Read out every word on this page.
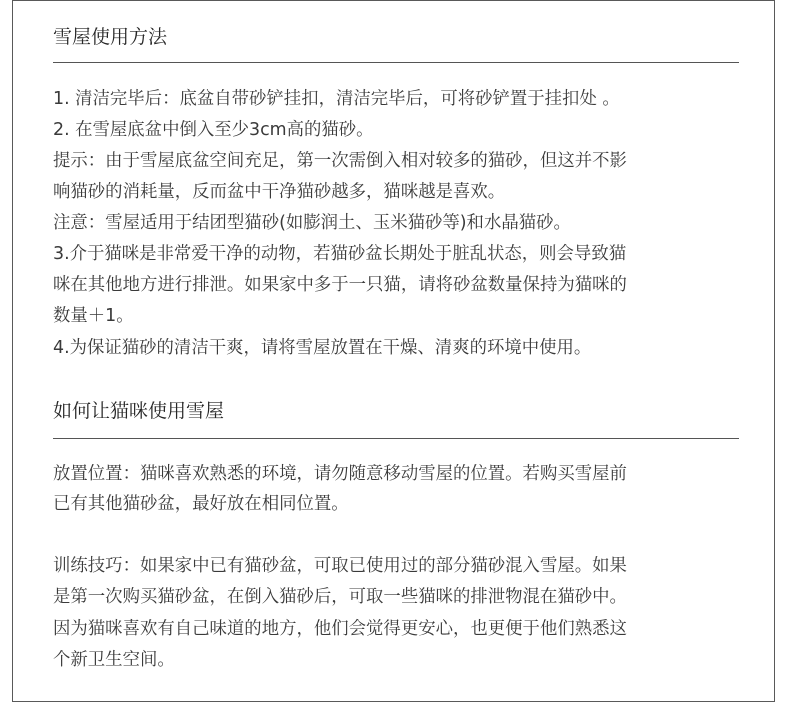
雪屋使用方法
1. 清洁完毕后：底盆自带砂铲挂扣，清洁完毕后，可将砂铲置于挂扣处 。
2. 在雪屋底盆中倒入至少3cm高的猫砂。
提示：由于雪屋底盆空间充足，第一次需倒入相对较多的猫砂，但这并不影
响猫砂的消耗量，反而盆中干净猫砂越多，猫咪越是喜欢。
注意：雪屋适用于结团型猫砂(如膨润土、玉米猫砂等)和水晶猫砂。
3.介于猫咪是非常爱干净的动物，若猫砂盆长期处于脏乱状态，则会导致猫
咪在其他地方进行排泄。如果家中多于一只猫，请将砂盆数量保持为猫咪的
数量＋1。
4.为保证猫砂的清洁干爽，请将雪屋放置在干燥、清爽的环境中使用。
如何让猫咪使用雪屋
放置位置：猫咪喜欢熟悉的环境，请勿随意移动雪屋的位置。若购买雪屋前
已有其他猫砂盆，最好放在相同位置。
训练技巧：如果家中已有猫砂盆，可取已使用过的部分猫砂混入雪屋。如果
是第一次购买猫砂盆，在倒入猫砂后，可取一些猫咪的排泄物混在猫砂中。
因为猫咪喜欢有自己味道的地方，他们会觉得更安心，也更便于他们熟悉这
个新卫生空间。
